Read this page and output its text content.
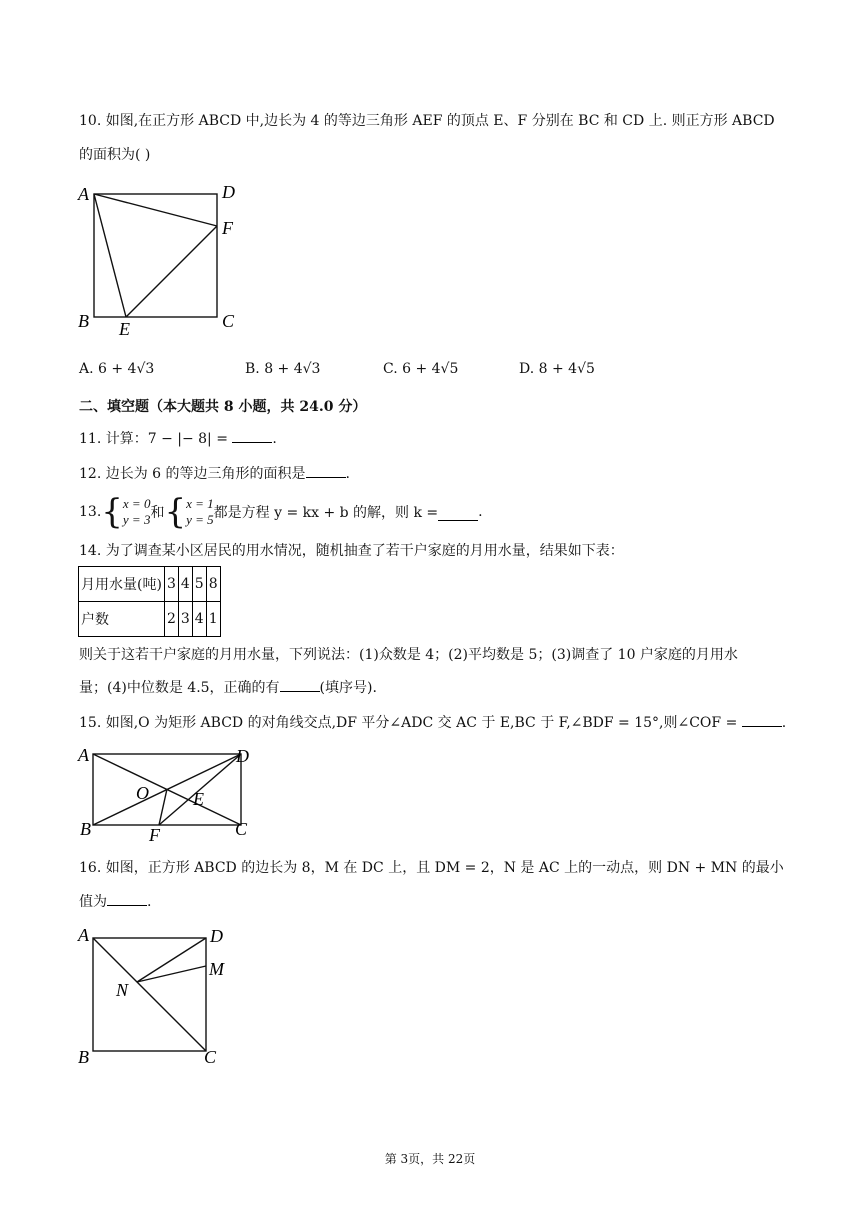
10. 如图,在正方形 ABCD 中,边长为 4 的等边三角形 AEF 的顶点 E、F 分别在 BC 和 CD 上. 则正方形 ABCD
的面积为( )
A	D
F
B E	C
A. 6 + 4√3	B. 8 + 4√3	C. 6 + 4√5	D. 8 + 4√5
二、填空题（本大题共 8 小题，共 24.0 分）
11. 计算：7 − |− 8| =	.
12. 边长为 6 的等边三角形的面积是	.
13. { x = 0
y = 3 和 { x = 1
y = 5 都是方程 y = kx + b 的解，则 k =	.
14. 为了调查某小区居民的用水情况，随机抽查了若干户家庭的月用水量，结果如下表：
月用水量(吨)	3	4	5	8
户数	2	3	4	1
则关于这若干户家庭的月用水量，下列说法：(1)众数是 4；(2)平均数是 5；(3)调查了 10 户家庭的月用水
量；(4)中位数是 4.5，正确的有	(填序号).
15. 如图,O 为矩形 ABCD 的对角线交点,DF 平分∠ADC 交 AC 于 E,BC 于 F,∠BDF = 15°,则∠COF =	.
A	D
O E
B	F	C
16. 如图，正方形 ABCD 的边长为 8，M 在 DC 上，且 DM = 2，N 是 AC 上的一动点，则 DN + MN 的最小
值为	.
A	D
M
N
B	C
第 3页，共 22页
